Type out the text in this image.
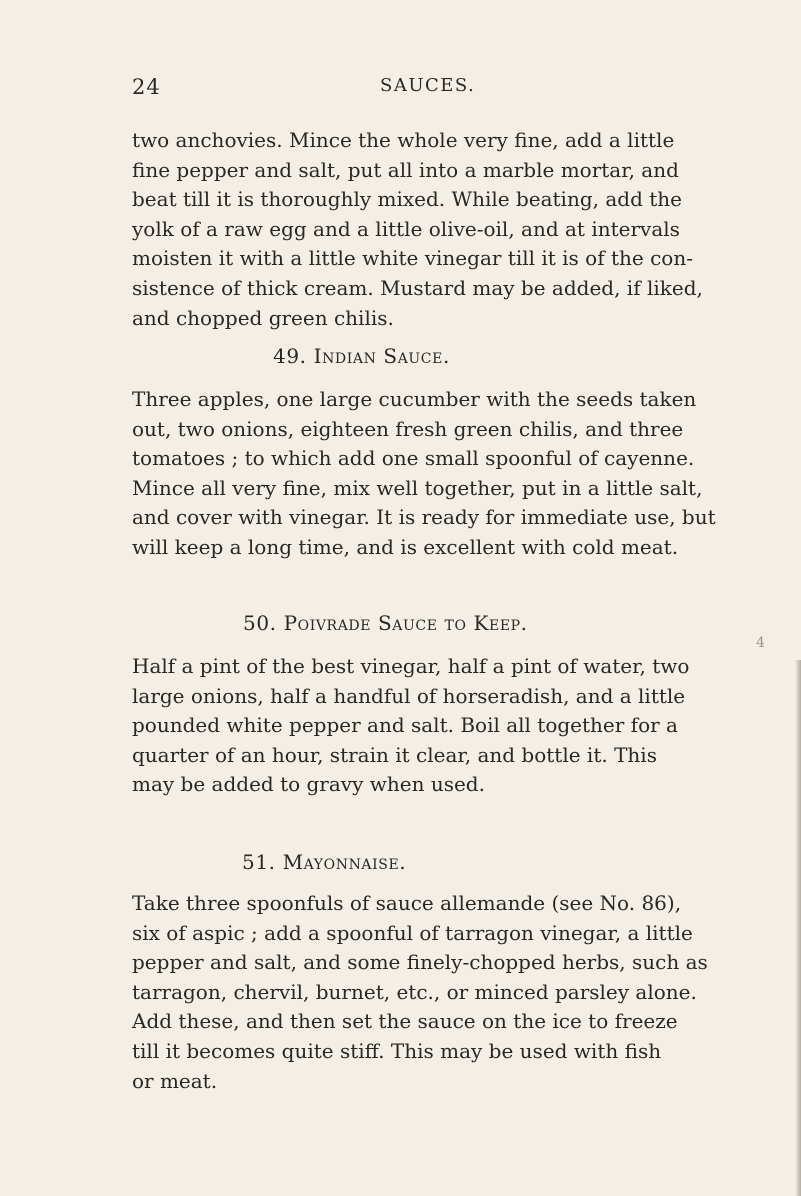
24	SAUCES.
two anchovies. Mince the whole very fine, add a little
fine pepper and salt, put all into a marble mortar, and
beat till it is thoroughly mixed. While beating, add the
yolk of a raw egg and a little olive-oil, and at intervals
moisten it with a little white vinegar till it is of the con-
sistence of thick cream. Mustard may be added, if liked,
and chopped green chilis.
49. Indian Sauce.
Three apples, one large cucumber with the seeds taken
out, two onions, eighteen fresh green chilis, and three
tomatoes ; to which add one small spoonful of cayenne.
Mince all very fine, mix well together, put in a little salt,
and cover with vinegar. It is ready for immediate use, but
will keep a long time, and is excellent with cold meat.
50. Poivrade Sauce to Keep.
Half a pint of the best vinegar, half a pint of water, two
large onions, half a handful of horseradish, and a little
pounded white pepper and salt. Boil all together for a
quarter of an hour, strain it clear, and bottle it. This
may be added to gravy when used.
51. Mayonnaise.
Take three spoonfuls of sauce allemande (see No. 86),
six of aspic ; add a spoonful of tarragon vinegar, a little
pepper and salt, and some finely-chopped herbs, such as
tarragon, chervil, burnet, etc., or minced parsley alone.
Add these, and then set the sauce on the ice to freeze
till it becomes quite stiff. This may be used with fish
or meat.
4
